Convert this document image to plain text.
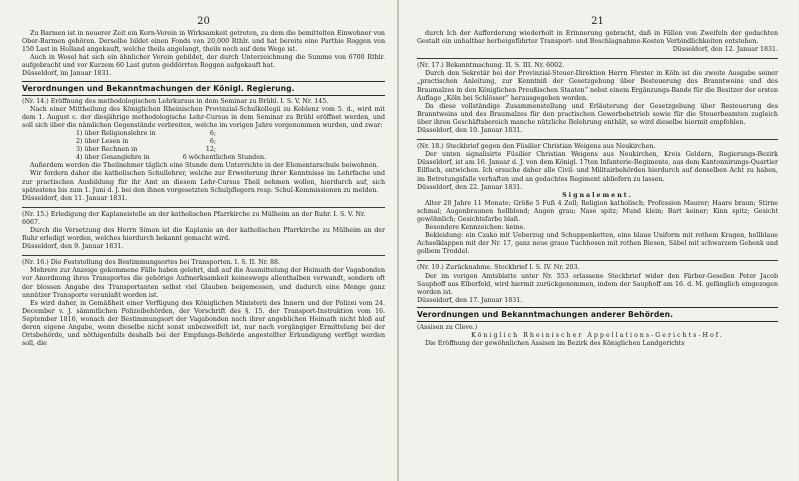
20

Zu Barmen ist in neuerer Zeit ein Korn-Verein in Wirksamkeit getreten, zu dem die bemittelten Einwohner von Ober-Barmen gehören. Derselbe bildet einen Fonds von 20,000 Rthlr. und hat bereits eine Parthie Roggen von 150 Last in Holland angekauft, welche theils angelangt, theils noch auf dem Wege ist.

Auch in Wesel hat sich ein ähnlicher Verein gebildet, der durch Unterzeichnung die Summe von 6700 Rthlr. aufgebracht und vor Kurzem 60 Last guten geddörrten Roggen aufgekauft hat.

Düsseldorf, im Januar 1831.

Verordnungen und Bekanntmachungen der Königl. Regierung.

(Nr. 14.) Eröffnung des methodologischen Lehrkursus in dem Seminar zu Brühl. I. S. V. Nr. 145.

Nach einer Mittheilung des Königlichen Rheinischen Provinzial-Schulkollegii zu Koblenz vom 5. d., wird mit dem 1. August c. der diesjährige methodologische Lehr-Cursus in dem Seminar zu Brühl eröffnet werden, und soll sich über die nämlichen Gegenstände verbreiten, welche im vorigen Jahre vorgenommen wurden, und zwar:

1) über Religionslehre in	6;
2) über Lesen in	6;
3) über Rechnen in	12;
4) über Gesanglehre in	6 wöchentlichen Stunden.

Außerdem werden die Theilnehmer täglich eine Stunde dem Unterrichte in der Elementarschule beiwohnen.

Wir fordern daher die katholischen Schullehrer, welche zur Erweiterung ihrer Kenntnisse im Lehrfache und zur practischen Ausbildung für ihr Amt an diesem Lehr-Cursus Theil nehmen wollen, hierdurch auf, sich spätestens bis zum 1. Juni d. J. bei den ihnen vorgesetzten Schulpflegern resp. Schul-Kommissionen zu melden.

Düsseldorf, den 11. Januar 1831.

(Nr. 15.) Erledigung der Kaplaneistelle an der katholischen Pfarrkirche zu Mülheim an der Ruhr. I. S. V. Nr. 6067.

Durch die Versetzung des Herrn Simon ist die Kaplanie an der katholischen Pfarrkirche zu Mülheim an der Ruhr erledigt worden, welches hierdurch bekannt gemacht wird.

Düsseldorf, den 9. Januar 1831.

(Nr. 16.) Die Feststellung des Bestimmungsortes bei Transporten. I. S. II. Nr. 88.

Mehrere zur Anzeige gekommene Fälle haben gelehrt, daß auf die Ausmittelung der Heimath der Vagabonden vor Anordnung ihres Transportes die gehörige Aufmerksamkeit keineswegs allenthalben verwandt, sondern oft der blossen Angabe des Transportanten selbst viel Glauben beigemessen, und dadurch eine Menge ganz unnützer Transporte veranlaßt worden ist.

Es wird daher, in Gemäßheit einer Verfügung des Königlichen Ministerii des Innern und der Polizei vom 24. December v. J. sämmtlichen Polizeibehörden, der Vorschrift des §. 15. der Transport-Instruktion vom 16. September 1816, wonach der Bestimmungsort der Vagabonden nach ihrer angeblichen Heimath nicht bloß auf deren eigene Angabe, wenn dieselbe nicht sonst unbezweifelt ist, nur nach vorgängiger Ermittelung bei der Ortsbehörde, und nöthigenfalls deshalb bei der Empfangs-Behörde angestellter Erkundigung verfügt werden soll, die

21

durch Ich der Aufforderung wiederholt in Erinnerung gebracht, daß in Fällen von Zweifeln der gedachten Gestalt ein unhaltbar herbeigeführter Transport- und Beschlagnahme-Kosten Verbindlichkeiten entstehen.

Düsseldorf, den 12. Januar 1831.

(Nr. 17.) Bekanntmachung. II. S. III. Nr. 6002.

Durch den Sekretär bei der Provinzial-Steuer-Direktion Herrn Förster in Köln ist die zweite Ausgabe seiner „practischen Anleitung, zur Kenntniß der Gesetzgebung über Besteuerung des Branntweins und des Braumalzes in den Königlichen Preußischen Staaten” nebst einem Ergänzungs-Bande für die Besitzer der ersten Auflage „Köln bei Schlösser” herausgegeben worden.

Da diese vollständige Zusammenstellung und Erläuterung der Gesetzgebung über Besteuerung des Branntweins und des Braumalzes für den practischen Gewerbebetrieb sowie für die Steuerbeamten zugleich über ihren Geschäftsbereich manche nützliche Belehrung enthält, so wird dieselbe hiermit empfohlen.

Düsseldorf, den 10. Januar 1831.

(Nr. 18.) Steckbrief gegen den Füsilier Christian Weigens aus Neukirchen.

Der unten signalisirte Füsilier Christian Weigens aus Neukirchen, Kreis Geldern, Regierungs-Bezirk Düsseldorf, ist am 16. Januar d. J. von dem Königl. 17ten Infanterie-Regimente, aus dem Kantonnirungs-Quartier Eilfisch, entwichen. Ich ersuche daher alle Civil- und Militairbehörden hierdurch auf denselben Acht zu haben, im Betretungsfalle verhaften und an gedachtes Regiment abliefern zu lassen.

Düsseldorf, den 22. Januar 1831.

Signalement.

Alter 20 Jahre 11 Monate; Größe 5 Fuß 4 Zoll; Religion katholisch; Profession Maurer; Haare braun; Stirne schmal; Augenbraunen hellblond; Augen grau; Nase spitz; Mund klein; Bart keiner; Kinn spitz; Gesicht gewöhnlich; Gesichtsfarbe blaß.

Besondere Kennzeichen: keine.

Bekleidung: ein Czako mit Ueberzug und Schuppenketten, eine blaue Uniform mit rothem Kragen, hellblaue Achselklappen mit der Nr. 17, ganz neue graue Tuchhosen mit rothen Biesen, Säbel mit schwarzem Gehenk und gelbem Troddel.

(Nr. 19.) Zurücknahme. Steckbrief I. S. IV. Nr. 203.

Der im vorigen Amtsblatte unter Nr. 553 erlassene Steckbrief wider den Färber-Gesellen Peter Jacob Sauphoff aus Elberfeld, wird hiermit zurückgenommen, indem der Sauphoff am 16. d. M. gefänglich eingezogen worden ist.

Düsseldorf, den 17. Januar 1831.

Verordnungen und Bekanntmachungen anderer Behörden.

(Assisen zu Cleve.)

Königlich Rheinischer Appellations-Gerichts-Hof.

Die Eröffnung der gewöhnlichen Assisen im Bezirk des Königlichen Landgerichts
